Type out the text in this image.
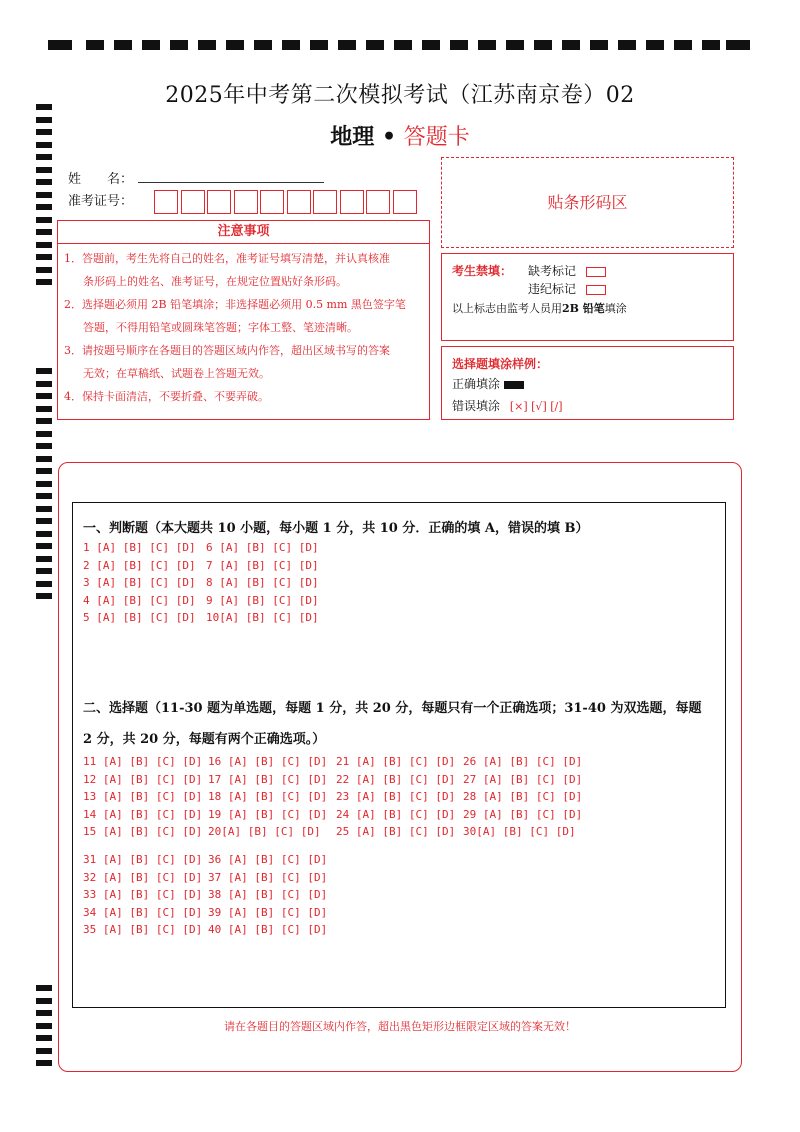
2025年中考第二次模拟考试（江苏南京卷）02
地理 • 答题卡
姓　　名：
准考证号：	贴条形码区
注意事项
1．答题前，考生先将自己的姓名，准考证号填写清楚，并认真核准
条形码上的姓名、准考证号，在规定位置贴好条形码。
2．选择题必须用 2B 铅笔填涂；非选择题必须用 0.5 mm 黑色签字笔
答题，不得用铅笔或圆珠笔答题；字体工整、笔迹清晰。
3．请按题号顺序在各题目的答题区域内作答，超出区域书写的答案
无效；在草稿纸、试题卷上答题无效。
4．保持卡面清洁，不要折叠、不要弄破。
考生禁填： 缺考标记
违纪标记
以上标志由监考人员用2B 铅笔填涂
选择题填涂样例：
正确填涂
错误填涂 [×] [√] [/]
一、判断题（本大题共 10 小题，每小题 1 分，共 10 分．正确的填 A，错误的填 B）
1 [A] [B] [C] [D]
2 [A] [B] [C] [D]
3 [A] [B] [C] [D]
4 [A] [B] [C] [D]
5 [A] [B] [C] [D]
6 [A] [B] [C] [D]
7 [A] [B] [C] [D]
8 [A] [B] [C] [D]
9 [A] [B] [C] [D]
10[A] [B] [C] [D]
二、选择题（11-30 题为单选题，每题 1 分，共 20 分，每题只有一个正确选项；31-40 为双选题，每题
2 分，共 20 分，每题有两个正确选项。）
11 [A] [B] [C] [D]
12 [A] [B] [C] [D]
13 [A] [B] [C] [D]
14 [A] [B] [C] [D]
15 [A] [B] [C] [D]
16 [A] [B] [C] [D]
17 [A] [B] [C] [D]
18 [A] [B] [C] [D]
19 [A] [B] [C] [D]
20[A] [B] [C] [D]
21 [A] [B] [C] [D]
22 [A] [B] [C] [D]
23 [A] [B] [C] [D]
24 [A] [B] [C] [D]
25 [A] [B] [C] [D]
26 [A] [B] [C] [D]
27 [A] [B] [C] [D]
28 [A] [B] [C] [D]
29 [A] [B] [C] [D]
30[A] [B] [C] [D]
31 [A] [B] [C] [D]
32 [A] [B] [C] [D]
33 [A] [B] [C] [D]
34 [A] [B] [C] [D]
35 [A] [B] [C] [D]
36 [A] [B] [C] [D]
37 [A] [B] [C] [D]
38 [A] [B] [C] [D]
39 [A] [B] [C] [D]
40 [A] [B] [C] [D]
请在各题目的答题区域内作答，超出黑色矩形边框限定区域的答案无效！
